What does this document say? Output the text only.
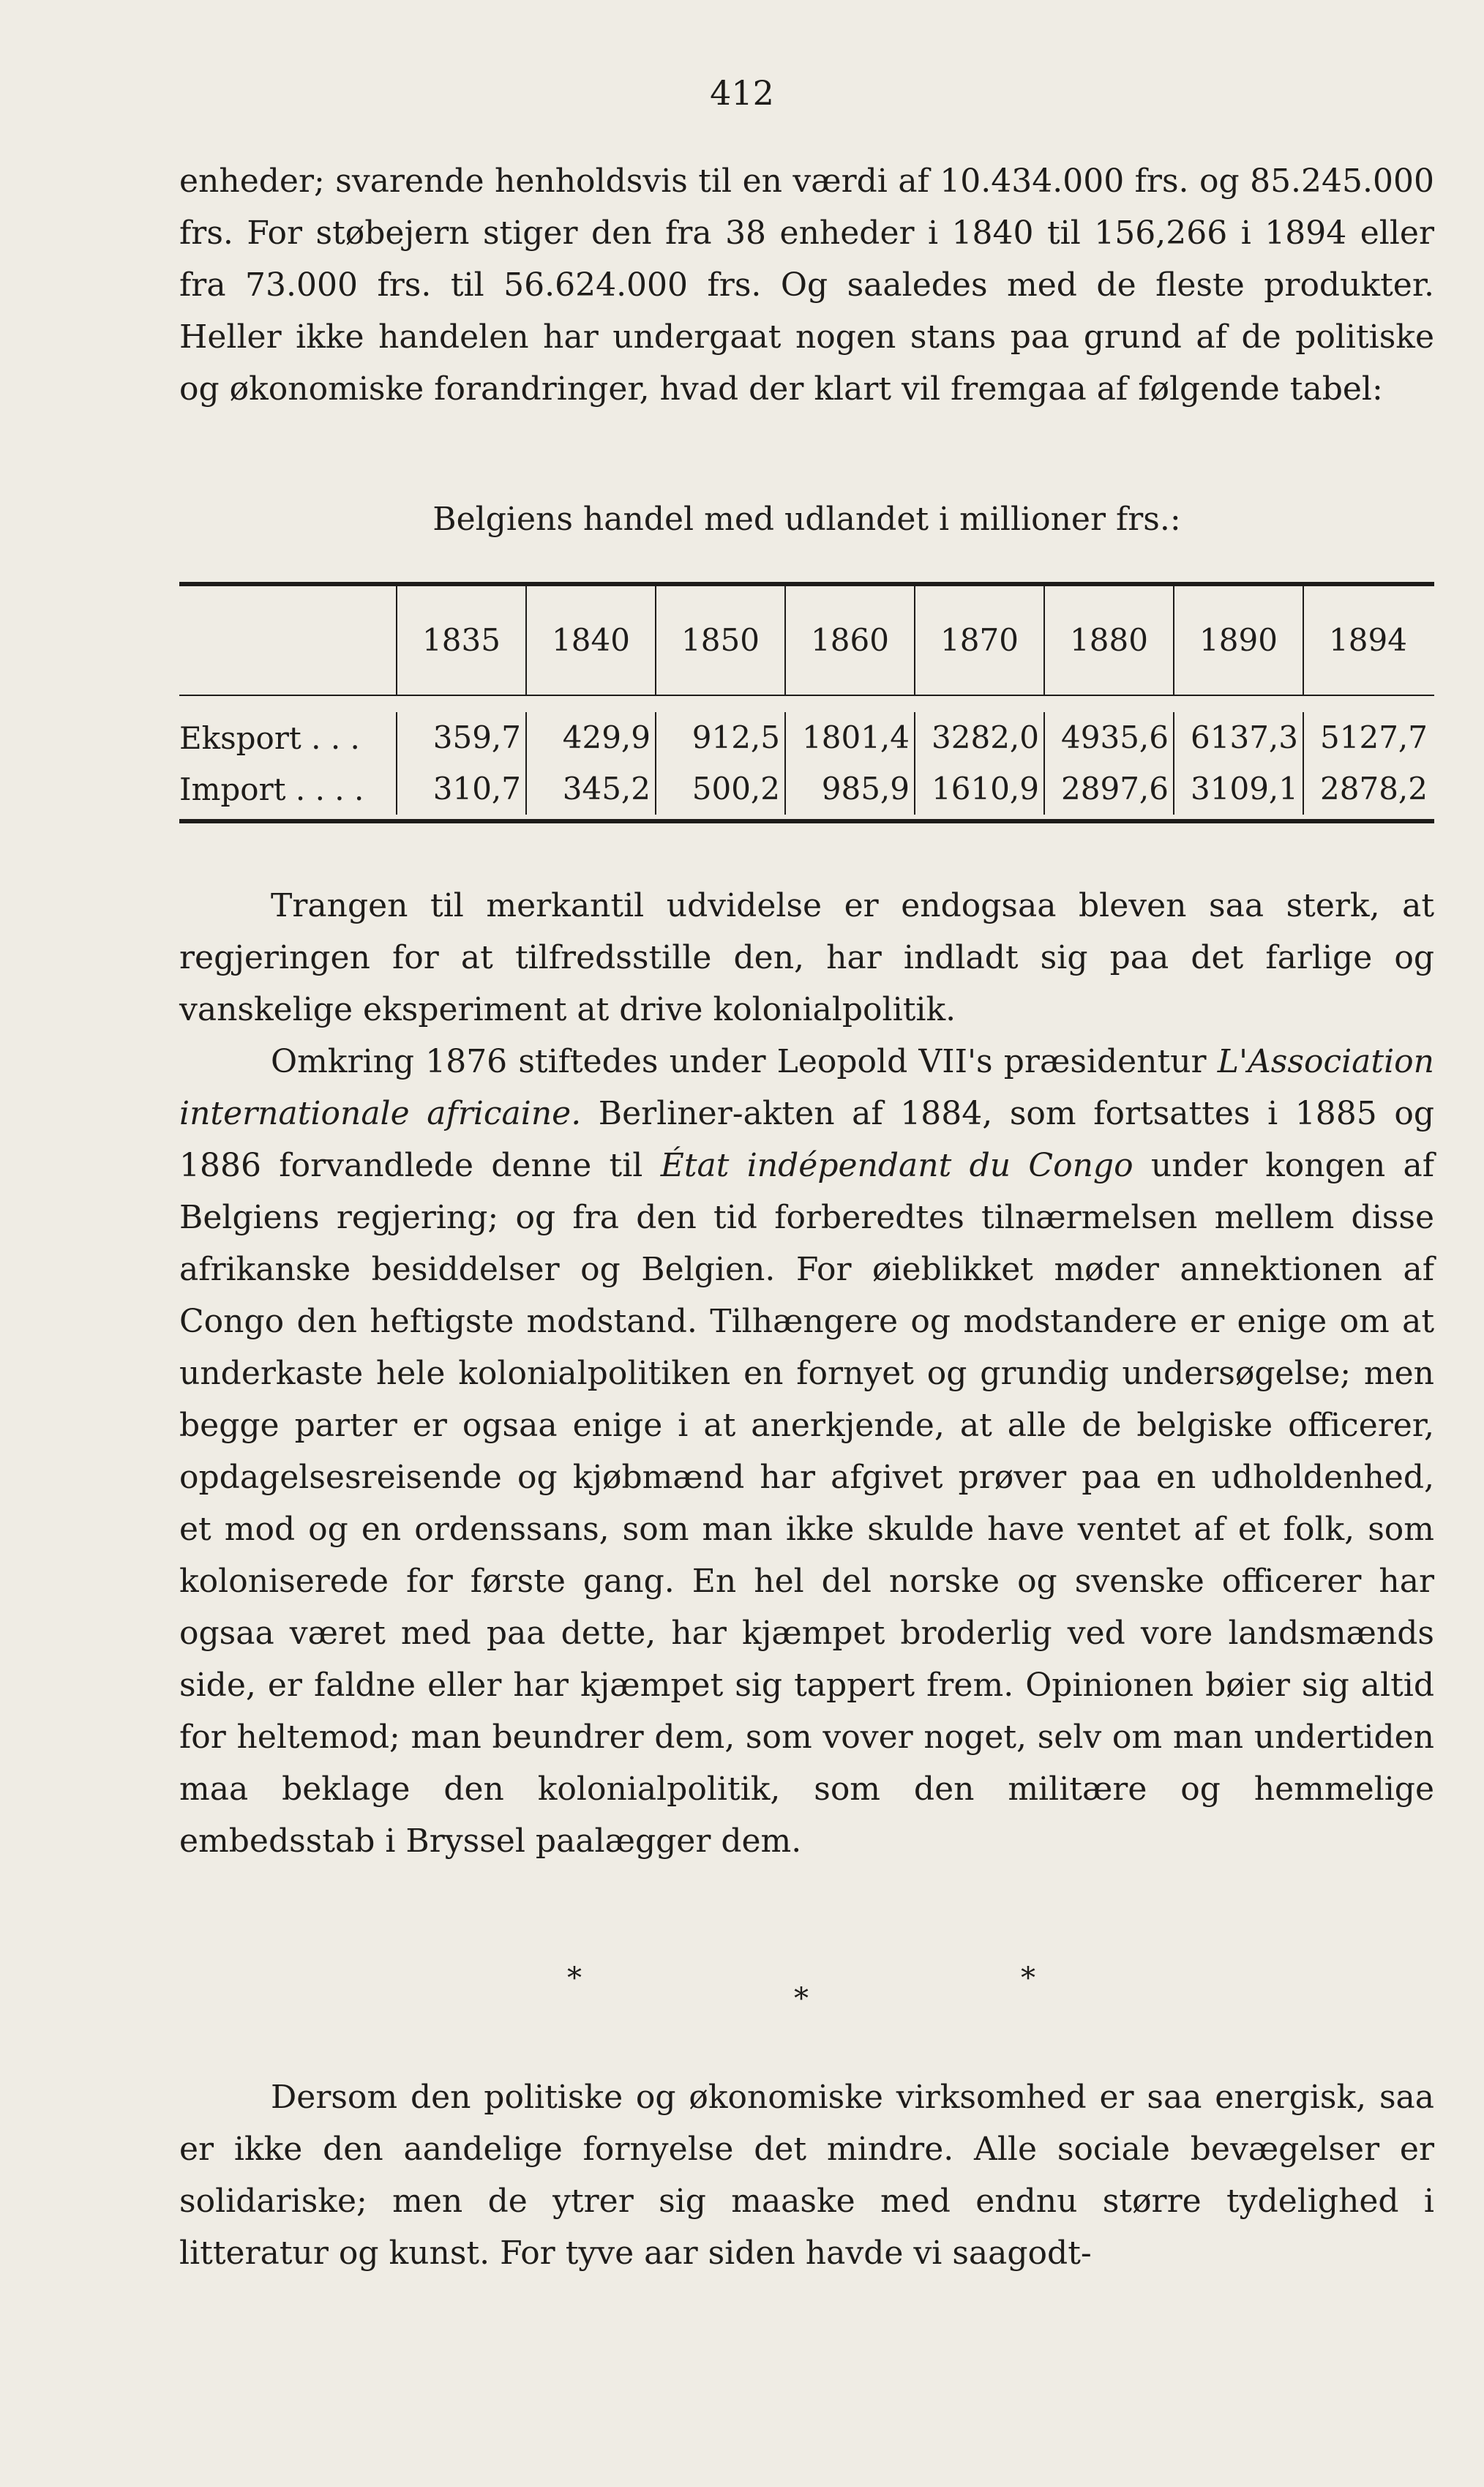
412

enheder; svarende henholdsvis til en værdi af 10.434.000 frs. og 85.245.000 frs. For støbejern stiger den fra 38 enheder i 1840 til 156,266 i 1894 eller fra 73.000 frs. til 56.624.000 frs. Og saaledes med de fleste produkter. Heller ikke handelen har undergaat nogen stans paa grund af de politiske og økonomiske forandringer, hvad der klart vil fremgaa af følgende tabel:

Belgiens handel med udlandet i millioner frs.:
1835	1840	1850	1860	1870	1880	1890	1894
Eksport . . .	359,7	429,9	912,5 1801,4 3282,0 4935,6 6137,3 5127,7
Import . . . .	310,7	345,2	500,2	985,9 1610,9 2897,6 3109,1 2878,2

Trangen til merkantil udvidelse er endogsaa bleven saa sterk, at regjeringen for at tilfredsstille den, har indladt sig paa det farlige og vanskelige eksperiment at drive kolonialpolitik.

Omkring 1876 stiftedes under Leopold VII's præsidentur L'Association internationale africaine. Berliner-akten af 1884, som fortsattes i 1885 og 1886 forvandlede denne til État indépendant du Congo under kongen af Belgiens regjering; og fra den tid forberedtes tilnærmelsen mellem disse afrikanske besiddelser og Belgien. For øieblikket møder annektionen af Congo den heftigste modstand. Tilhængere og modstandere er enige om at underkaste hele kolonialpolitiken en fornyet og grundig undersøgelse; men begge parter er ogsaa enige i at anerkjende, at alle de belgiske officerer, opdagelsesreisende og kjøbmænd har afgivet prøver paa en udholdenhed, et mod og en ordenssans, som man ikke skulde have ventet af et folk, som koloniserede for første gang. En hel del norske og svenske officerer har ogsaa været med paa dette, har kjæmpet broderlig ved vore landsmænds side, er faldne eller har kjæmpet sig tappert frem. Opinionen bøier sig altid for heltemod; man beundrer dem, som vover noget, selv om man undertiden maa beklage den kolonialpolitik, som den militære og hemmelige embedsstab i Bryssel paalægger dem.

*
*
*

Dersom den politiske og økonomiske virksomhed er saa energisk, saa er ikke den aandelige fornyelse det mindre. Alle sociale bevægelser er solidariske; men de ytrer sig maaske med endnu større tydelighed i litteratur og kunst. For tyve aar siden havde vi saagodt-
